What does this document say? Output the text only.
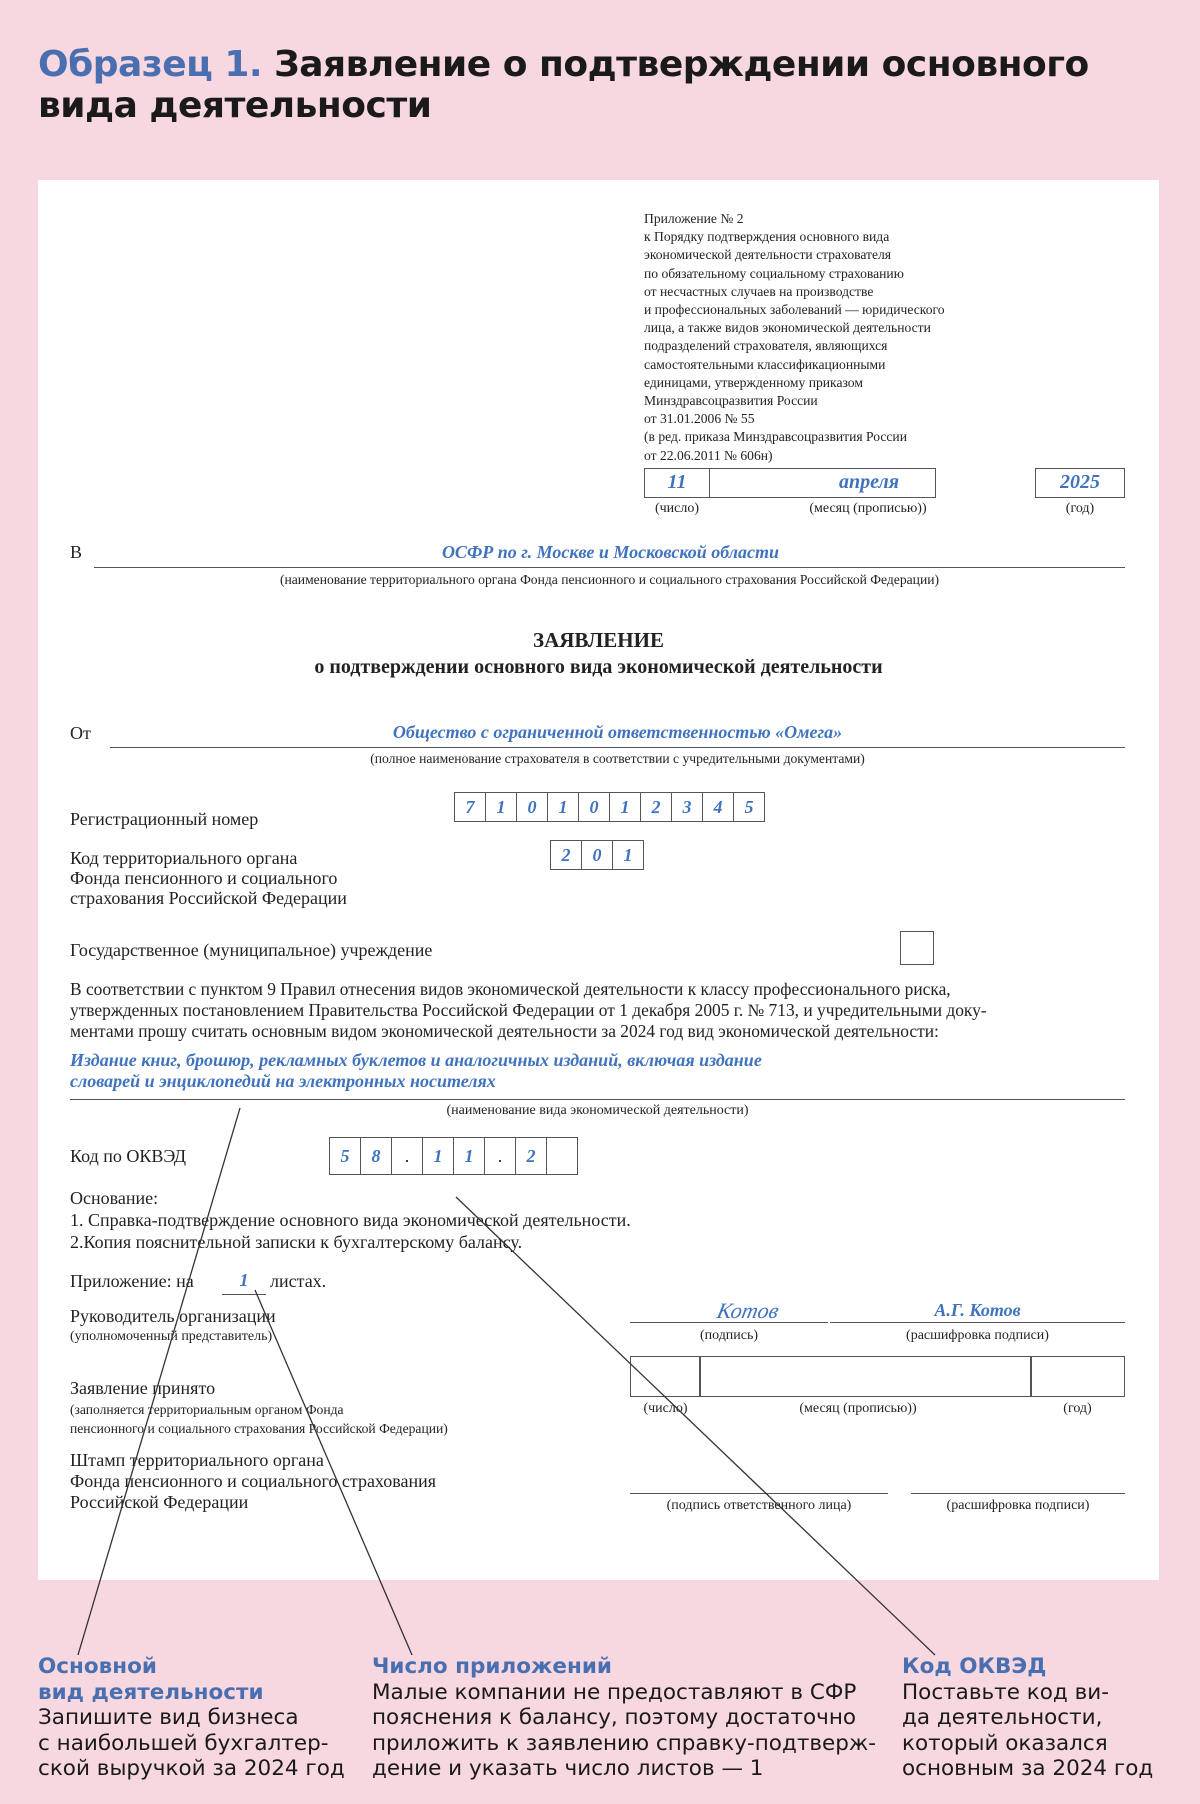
Образец 1. Заявление о подтверждении основного вида деятельности
Приложение № 2
к Порядку подтверждения основного вида
экономической деятельности страхователя
по обязательному социальному страхованию
от несчастных случаев на производстве
и профессиональных заболеваний — юридического
лица, а также видов экономической деятельности
подразделений страхователя, являющихся
самостоятельными классификационными
единицами, утвержденному приказом
Минздравсоцразвития России
от 31.01.2006 № 55
(в ред. приказа Минздравсоцразвития России
от 22.06.2011 № 606н)
11	апреля	2025
(число)	(месяц (прописью))	(год)
В	ОСФР по г. Москве и Московской области
(наименование территориального органа Фонда пенсионного и социального страхования Российской Федерации)
ЗАЯВЛЕНИЕ
о подтверждении основного вида экономической деятельности
От	Общество с ограниченной ответственностью «Омега»
(полное наименование страхователя в соответствии с учредительными документами)
Регистрационный номер
7	1	0	1	0	1	2	3	4	5
Код территориального органа
Фонда пенсионного и социального
страхования Российской Федерации
2	0	1
Государственное (муниципальное) учреждение
В соответствии с пунктом 9 Правил отнесения видов экономической деятельности к классу профессионального риска,
утвержденных постановлением Правительства Российской Федерации от 1 декабря 2005 г. № 713, и учредительными доку-
ментами прошу считать основным видом экономической деятельности за 2024 год вид экономической деятельности:
Издание книг, брошюр, рекламных буклетов и аналогичных изданий, включая издание
словарей и энциклопедий на электронных носителях
(наименование вида экономической деятельности)
Код по ОКВЭД	5	8	.	1	1	.	2
Основание:
1. Справка-подтверждение основного вида экономической деятельности.
2.Копия пояснительной записки к бухгалтерскому балансу.
Приложение: на	1	листах.
Руководитель организации
(уполномоченный представитель)
Котов
(подпись)
А.Г. Котов
(расшифровка подписи)
Заявление принято
(заполняется территориальным органом Фонда
пенсионного и социального страхования Российской Федерации)
(число)	(месяц (прописью))	(год)
Штамп территориального органа
Фонда пенсионного и социального страхования
Российской Федерации	(подпись ответственного лица)	(расшифровка подписи)
Основной
вид деятельности
Запишите вид бизнеса
с наибольшей бухгалтер-
ской выручкой за 2024 год
Число приложений
Малые компании не предоставляют в СФР
пояснения к балансу, поэтому достаточно
приложить к заявлению справку-подтверж-
дение и указать число листов — 1
Код ОКВЭД
Поставьте код ви-
да деятельности,
который оказался
основным за 2024 год
